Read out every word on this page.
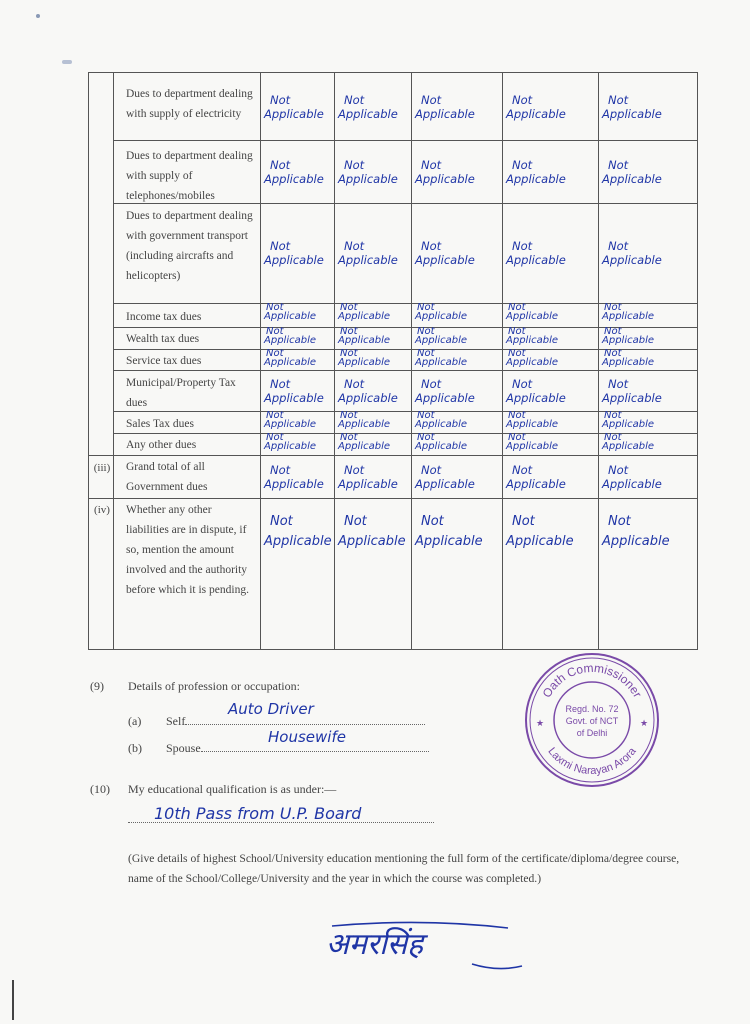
Dues to department dealing with supply of electricity
Dues to department dealing with supply of telephones/mobiles
Dues to department dealing with government transport (including aircrafts and helicopters)
Income tax dues
Wealth tax dues
Service tax dues
Municipal/Property Tax dues
Sales Tax dues
Any other dues
Grand total of all Government dues
Whether any other liabilities are in dispute, if so, mention the amount involved and the authority before which it is pending.
(iii)
(iv)
Not
Applicable
Not
Applicable
Not
Applicable
Not
Applicable
Not
Applicable
Not
Applicable
Not
Applicable
Not
Applicable
Not
Applicable
Not
Applicable
Not
Applicable
Not
Applicable
Not
Applicable
Not
Applicable
Not
Applicable
Not
Applicable
Not
Applicable
Not
Applicable
Not
Applicable
Not
Applicable
Not
Applicable
Not
Applicable
Not
Applicable
Not
Applicable
Not
Applicable
Not
Applicable
Not
Applicable
Not
Applicable
Not
Applicable
Not
Applicable
Not
Applicable
Not
Applicable
Not
Applicable
Not
Applicable
Not
Applicable
Not
Applicable
Not
Applicable
Not
Applicable
Not
Applicable
Not
Applicable
Not
Applicable
Not
Applicable
Not
Applicable
Not
Applicable
Not
Applicable
Not
Applicable
Not
Applicable
Not
Applicable
Not
Applicable
Not
Applicable
Not
Applicable
Not
Applicable
Not
Applicable
Not
Applicable
Not
Applicable
(9) Details of profession or occupation:
(a) Self
Auto Driver
(b) Spouse
Housewife
(10) My educational qualification is as under:—
10th Pass from U.P. Board
(Give details of highest School/University education mentioning the full form of the certificate/diploma/degree course, name of the School/College/University and the year in which the course was completed.)
Oath Commissioner
Laxmi Narayan Arora
Regd. No. 72
Govt. of NCT
of Delhi
★	★
अमरसिंह
